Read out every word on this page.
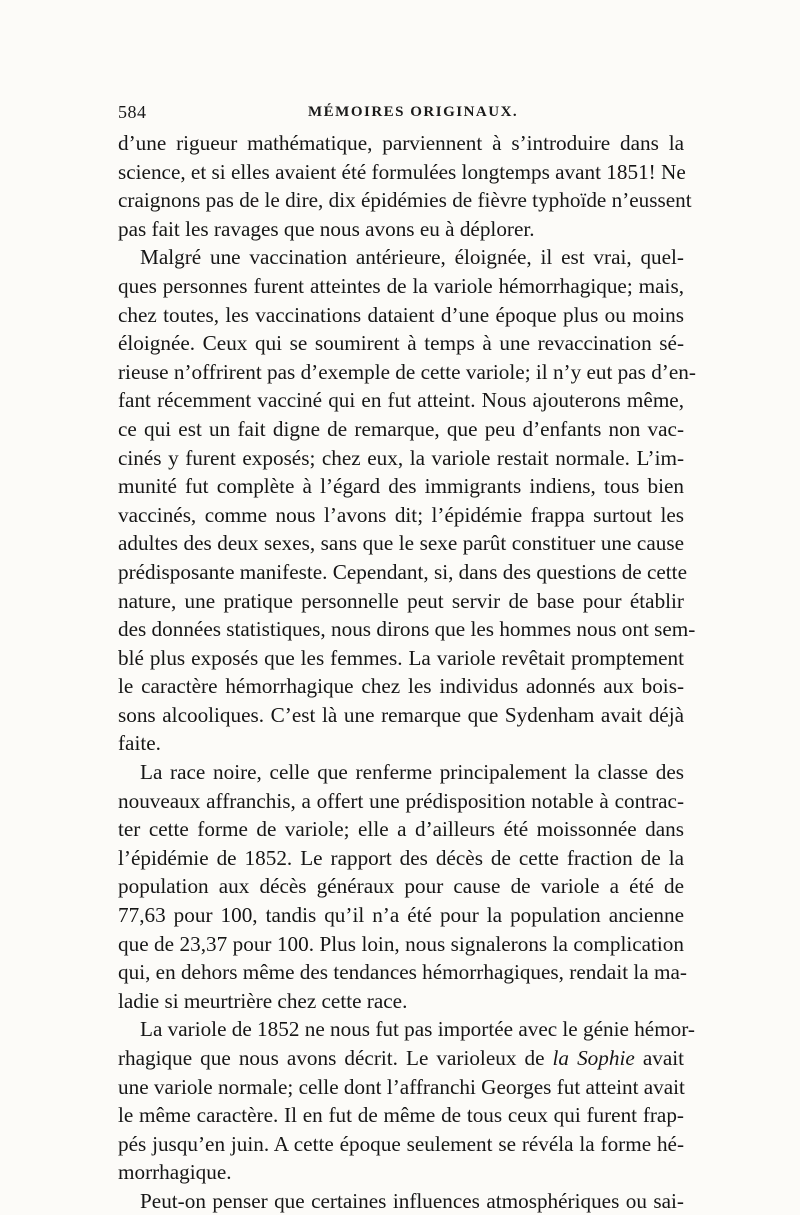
584	MÉMOIRES ORIGINAUX.
d’une rigueur mathématique, parviennent à s’introduire dans la
science, et si elles avaient été formulées longtemps avant 1851! Ne
craignons pas de le dire, dix épidémies de fièvre typhoïde n’eussent
pas fait les ravages que nous avons eu à déplorer.
Malgré une vaccination antérieure, éloignée, il est vrai, quel-
ques personnes furent atteintes de la variole hémorrhagique; mais,
chez toutes, les vaccinations dataient d’une époque plus ou moins
éloignée. Ceux qui se soumirent à temps à une revaccination sé-
rieuse n’offrirent pas d’exemple de cette variole; il n’y eut pas d’en-
fant récemment vacciné qui en fut atteint. Nous ajouterons même,
ce qui est un fait digne de remarque, que peu d’enfants non vac-
cinés y furent exposés; chez eux, la variole restait normale. L’im-
munité fut complète à l’égard des immigrants indiens, tous bien
vaccinés, comme nous l’avons dit; l’épidémie frappa surtout les
adultes des deux sexes, sans que le sexe parût constituer une cause
prédisposante manifeste. Cependant, si, dans des questions de cette
nature, une pratique personnelle peut servir de base pour établir
des données statistiques, nous dirons que les hommes nous ont sem-
blé plus exposés que les femmes. La variole revêtait promptement
le caractère hémorrhagique chez les individus adonnés aux bois-
sons alcooliques. C’est là une remarque que Sydenham avait déjà
faite.
La race noire, celle que renferme principalement la classe des
nouveaux affranchis, a offert une prédisposition notable à contrac-
ter cette forme de variole; elle a d’ailleurs été moissonnée dans
l’épidémie de 1852. Le rapport des décès de cette fraction de la
population aux décès généraux pour cause de variole a été de
77,63 pour 100, tandis qu’il n’a été pour la population ancienne
que de 23,37 pour 100. Plus loin, nous signalerons la complication
qui, en dehors même des tendances hémorrhagiques, rendait la ma-
ladie si meurtrière chez cette race.
La variole de 1852 ne nous fut pas importée avec le génie hémor-
rhagique que nous avons décrit. Le varioleux de la Sophie avait
une variole normale; celle dont l’affranchi Georges fut atteint avait
le même caractère. Il en fut de même de tous ceux qui furent frap-
pés jusqu’en juin. A cette époque seulement se révéla la forme hé-
morrhagique.
Peut-on penser que certaines influences atmosphériques ou sai-
